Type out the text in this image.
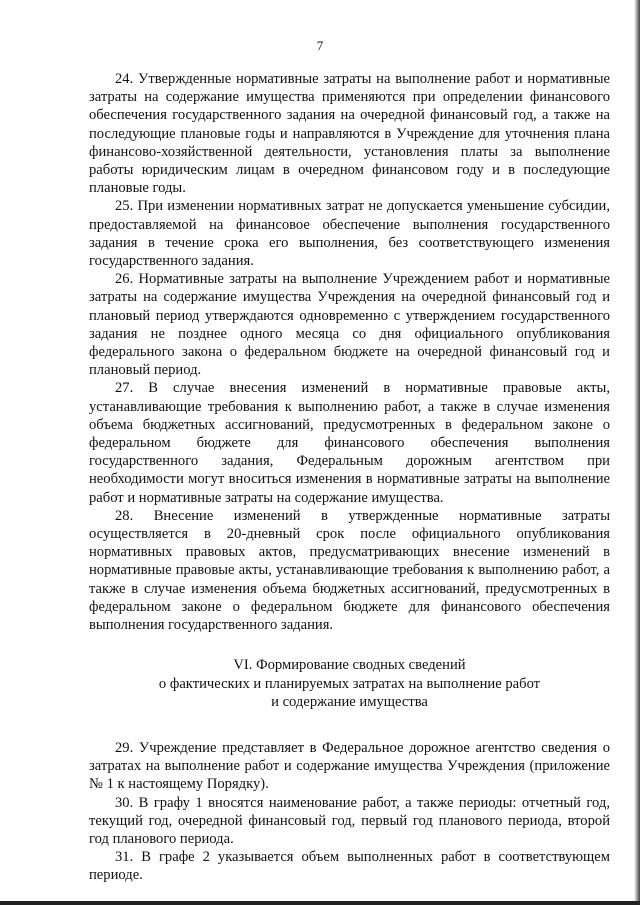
7

24. Утвержденные нормативные затраты на выполнение работ и нормативные затраты на содержание имущества применяются при определении финансового обеспечения государственного задания на очередной финансовый год, а также на последующие плановые годы и направляются в Учреждение для уточнения плана финансово-хозяйственной деятельности, установления платы за выполнение работы юридическим лицам в очередном финансовом году и в последующие плановые годы.

25. При изменении нормативных затрат не допускается уменьшение субсидии, предоставляемой на финансовое обеспечение выполнения государственного задания в течение срока его выполнения, без соответствующего изменения государственного задания.

26. Нормативные затраты на выполнение Учреждением работ и нормативные затраты на содержание имущества Учреждения на очередной финансовый год и плановый период утверждаются одновременно с утверждением государственного задания не позднее одного месяца со дня официального опубликования федерального закона о федеральном бюджете на очередной финансовый год и плановый период.

27. В случае внесения изменений в нормативные правовые акты, устанавливающие требования к выполнению работ, а также в случае изменения объема бюджетных ассигнований, предусмотренных в федеральном законе о федеральном бюджете для финансового обеспечения выполнения государственного задания, Федеральным дорожным агентством при необходимости могут вноситься изменения в нормативные затраты на выполнение работ и нормативные затраты на содержание имущества.

28. Внесение изменений в утвержденные нормативные затраты осуществляется в 20-дневный срок после официального опубликования нормативных правовых актов, предусматривающих внесение изменений в нормативные правовые акты, устанавливающие требования к выполнению работ, а также в случае изменения объема бюджетных ассигнований, предусмотренных в федеральном законе о федеральном бюджете для финансового обеспечения выполнения государственного задания.

VI. Формирование сводных сведений
о фактических и планируемых затратах на выполнение работ
и содержание имущества

29. Учреждение представляет в Федеральное дорожное агентство сведения о затратах на выполнение работ и содержание имущества Учреждения (приложение № 1 к настоящему Порядку).

30. В графу 1 вносятся наименование работ, а также периоды: отчетный год, текущий год, очередной финансовый год, первый год планового периода, второй год планового периода.

31. В графе 2 указывается объем выполненных работ в соответствующем периоде.
